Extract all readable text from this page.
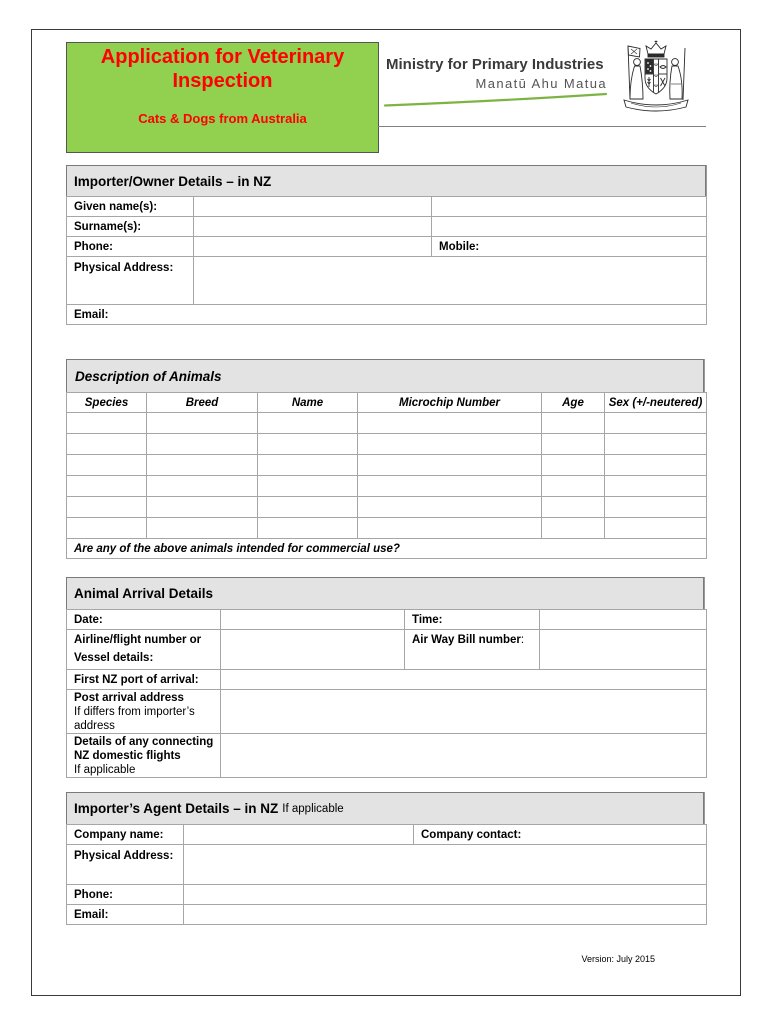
Application for Veterinary
Inspection
Cats & Dogs from Australia
Ministry for Primary Industries
Manatū Ahu Matua
Importer/Owner Details – in NZ
Given name(s):		
Surname(s):		
Phone:		Mobile:
Physical Address:		
Email:		
Description of Animals
Species	Breed	Name	Microchip Number	Age	Sex (+/-neutered)

Are any of the above animals intended for commercial use?					
Animal Arrival Details
Date:		Time:	
Airline/flight number or
Vessel details:		Air Way Bill number:	
First NZ port of arrival:			

Post arrival address
If differs from importer’s
address			

Details of any connecting
NZ domestic flights
If applicable			

Importer’s Agent Details – in NZ If applicable
Company name:		Company contact:
Physical Address:		
Phone:		
Email:		
Version: July 2015
